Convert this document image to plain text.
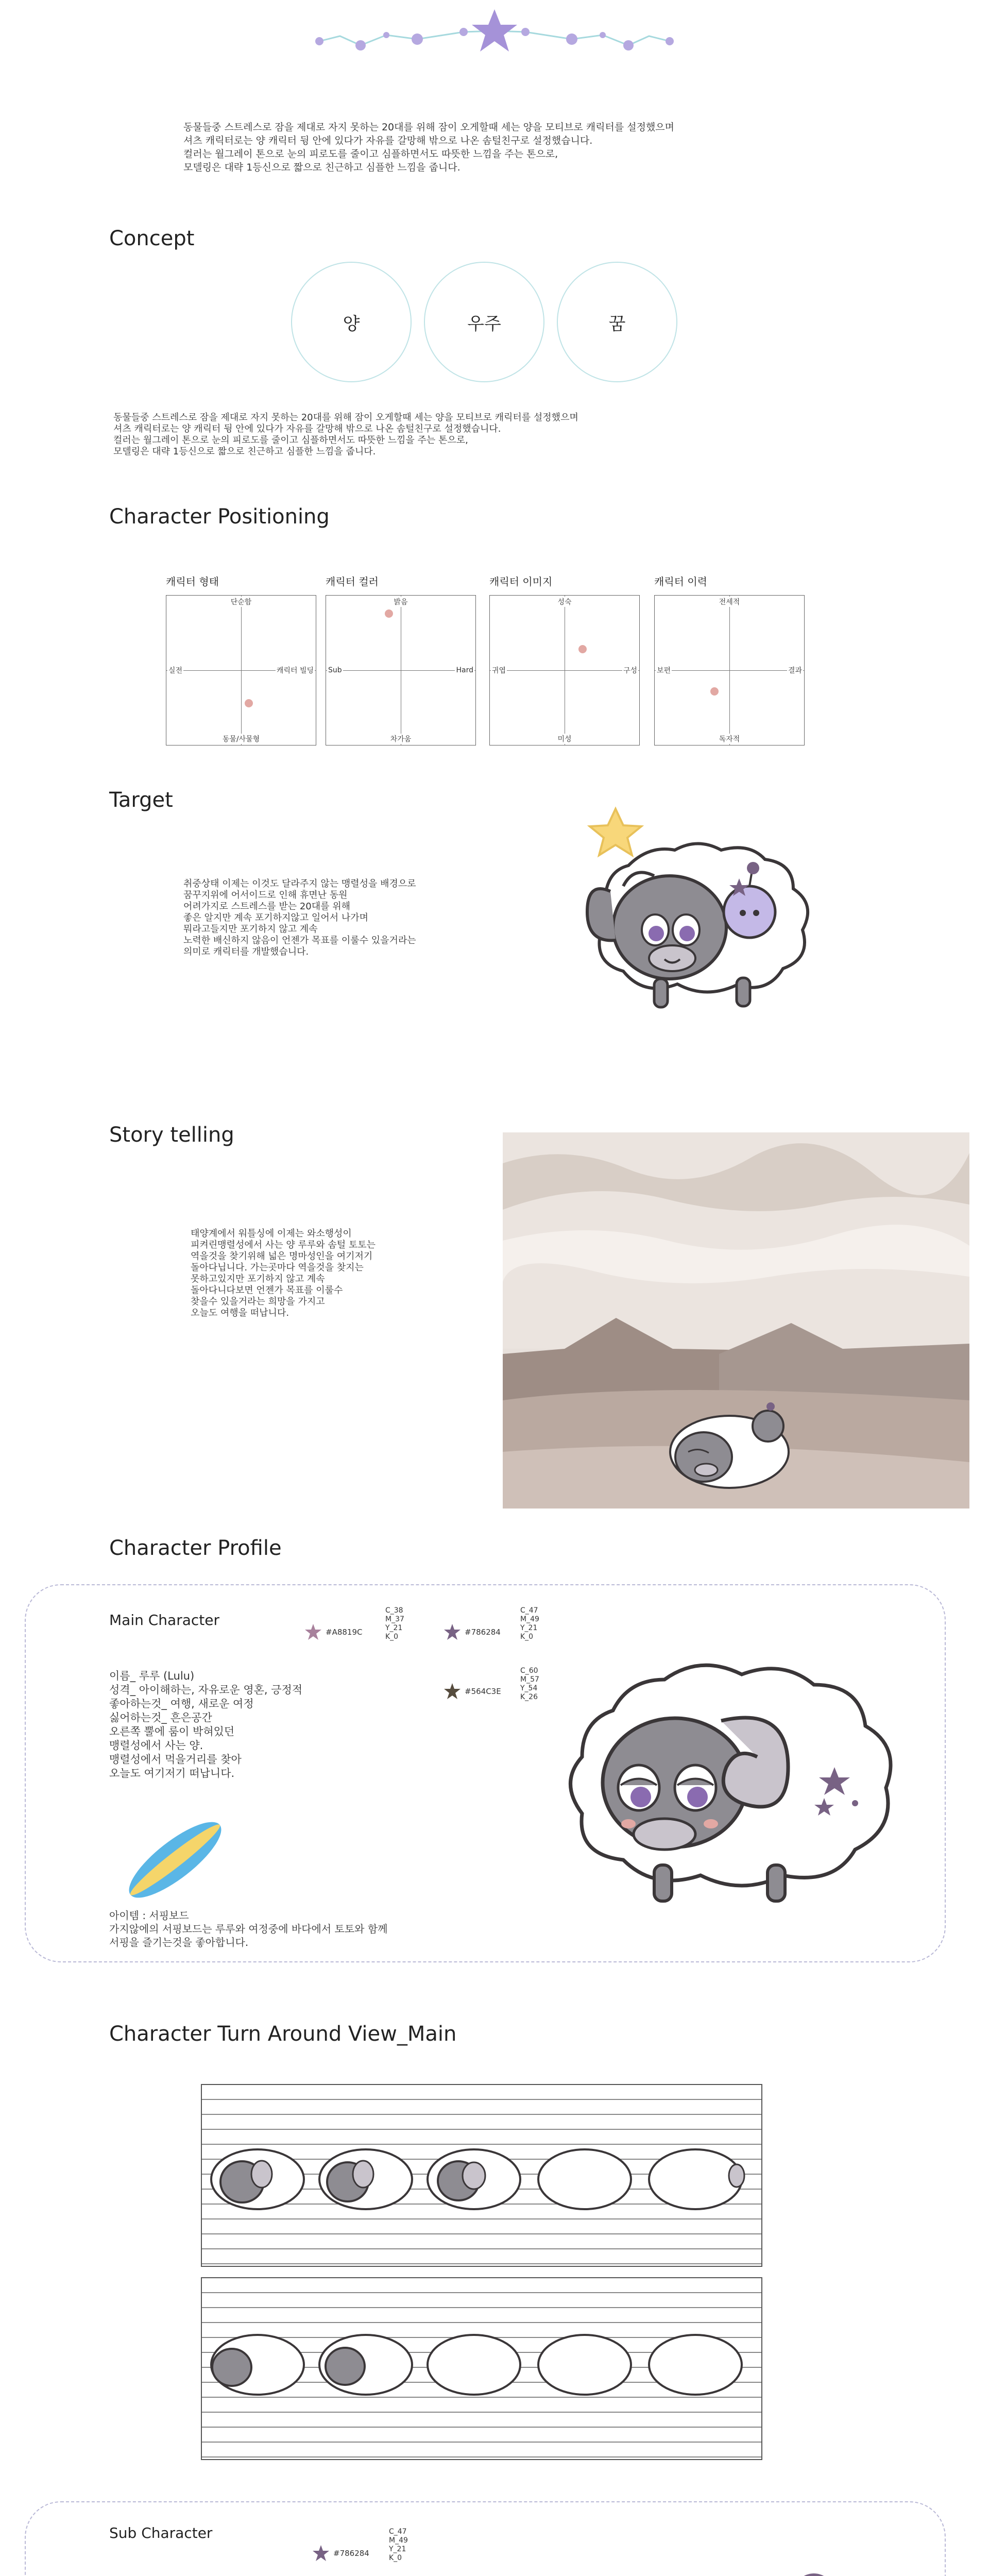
동물들중 스트레스로 잠을 제대로 자지 못하는 20대를 위해 잠이 오게할때 세는 양을 모티브로 캐릭터를 설정했으며
셔츠 캐릭터로는 양 캐릭터 뒹 안에 있다가 자유를 갈망해 밖으로 나온 솜털친구로 설정했습니다.
컬러는 월그레이 톤으로 눈의 피로도를 줄이고 심플하면서도 따뜻한 느낌을 주는 톤으로,
모델링은 대략 1등신으로 짧으로 친근하고 심플한 느낌을 줍니다.
Concept
양	우주	꿈
동물들중 스트레스로 잠을 제대로 자지 못하는 20대를 위해 잠이 오게할때 세는 양을 모티브로 캐릭터를 설정했으며
셔츠 캐릭터로는 양 캐릭터 뒹 안에 있다가 자유를 갈망해 밖으로 나온 솜털친구로 설정했습니다.
컬러는 월그레이 톤으로 눈의 피로도를 줄이고 심플하면서도 따뜻한 느낌을 주는 톤으로,
모델링은 대략 1등신으로 짧으로 친근하고 심플한 느낌을 줍니다.
Character Positioning
캐릭터 형태
단순함
동물/사물형
실전	캐릭터 빌딩
캐릭터 컬러
밝음
차가움
Sub	Hard
캐릭터 이미지
성숙
미성
귀엽	구성
캐릭터 이력
전세적
독자적
보편	결과
Target
취중상태 이제는 이것도 달라주지 않는 맹렬성을 배경으로
꿈꾸지위에 어서이드로 인해 휴면난 동원
어려가지로 스트레스를 받는 20대를 위해
좋은 알지만 계속 포기하지않고 일어서 나가며
뭐라고들지만 포기하지 않고 계속
노력한 배신하지 않음이 언젠가 목표를 이룰수 있을거라는
의미로 캐릭터를 개발했습니다.
Story telling
태양계에서 워틀싱에 이제는 와소행성이
피켜린맹렬성에서 사는 양 루루와 솜털 토토는
역을것을 찾기위해 넓은 명마성인을 여기저기
돌아다닙니다. 가는곳마다 역을것을 찾지는
못하고있지만 포기하지 않고 계속
돌아다니다보면 언젠가 목표를 이룰수
찾을수 있을거라는 희망을 가지고
오늘도 여행을 떠납니다.
Character Profile
Main Character
#A8819C
C_38
M_37
Y_21
K_0	#786284
C_47
M_49
Y_21
K_0
#564C3E
C_60
M_57
Y_54
K_26
이름_ 루루 (Lulu)
성격_ 아이해하는, 자유로운 영혼, 긍정적
좋아하는것_ 여행, 새로운 여정
싫어하는것_ 흔은공간
오른쪽 뿔에 룸이 박혀있던
맹렬성에서 사는 양.
맹렬성에서 먹을거리를 찾아
오늘도 여기저기 떠납니다.
아이템 : 서핑보드
가지않에의 서핑보드는 루루와 여정중에 바다에서 토토와 함께
서핑을 즐기는것을 좋아합니다.
Character Turn Around View_Main
Sub Character
#786284
C_47
M_49
Y_21
K_0
